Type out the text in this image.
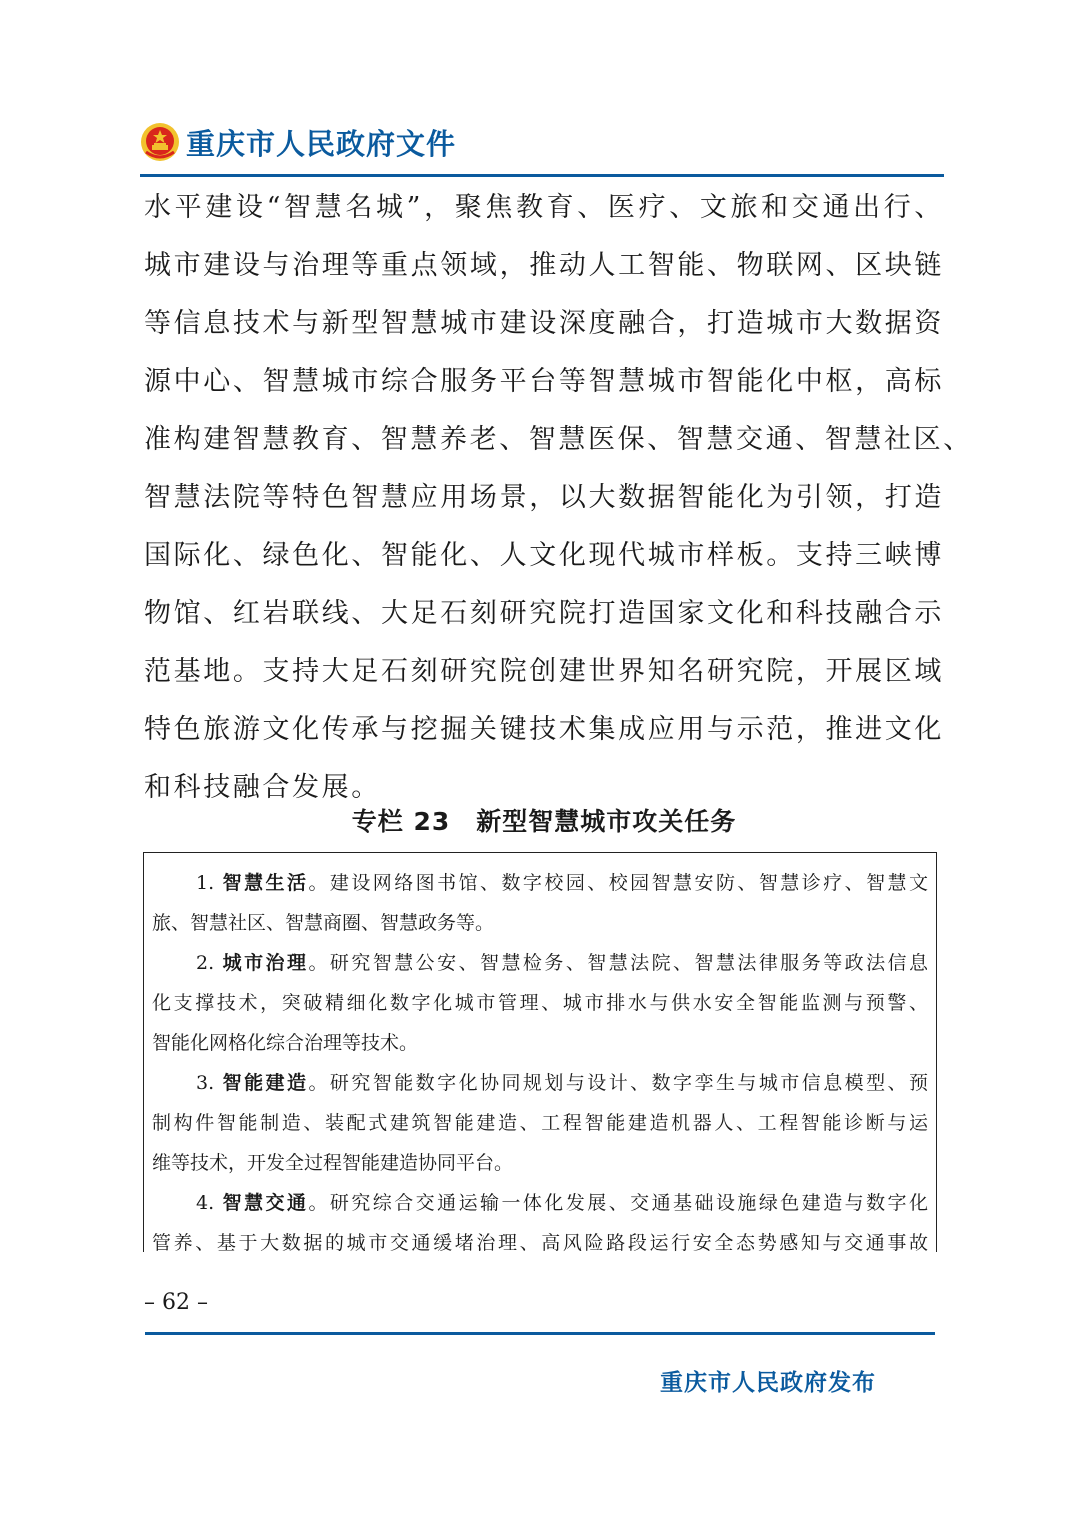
重庆市人民政府文件
水平建设“智慧名城”，聚焦教育、医疗、文旅和交通出行、
城市建设与治理等重点领域，推动人工智能、物联网、区块链
等信息技术与新型智慧城市建设深度融合，打造城市大数据资
源中心、智慧城市综合服务平台等智慧城市智能化中枢，高标
准构建智慧教育、智慧养老、智慧医保、智慧交通、智慧社区、
智慧法院等特色智慧应用场景，以大数据智能化为引领，打造
国际化、绿色化、智能化、人文化现代城市样板。支持三峡博
物馆、红岩联线、大足石刻研究院打造国家文化和科技融合示
范基地。支持大足石刻研究院创建世界知名研究院，开展区域
特色旅游文化传承与挖掘关键技术集成应用与示范，推进文化
和科技融合发展。
专栏 23　新型智慧城市攻关任务
1. 智慧生活。建设网络图书馆、数字校园、校园智慧安防、智慧诊疗、智慧文
旅、智慧社区、智慧商圈、智慧政务等。
2. 城市治理。研究智慧公安、智慧检务、智慧法院、智慧法律服务等政法信息
化支撑技术，突破精细化数字化城市管理、城市排水与供水安全智能监测与预警、
智能化网格化综合治理等技术。
3. 智能建造。研究智能数字化协同规划与设计、数字孪生与城市信息模型、预
制构件智能制造、装配式建筑智能建造、工程智能建造机器人、工程智能诊断与运
维等技术，开发全过程智能建造协同平台。
4. 智慧交通。研究综合交通运输一体化发展、交通基础设施绿色建造与数字化
管养、基于大数据的城市交通缓堵治理、高风险路段运行安全态势感知与交通事故
– 62 –
重庆市人民政府发布
